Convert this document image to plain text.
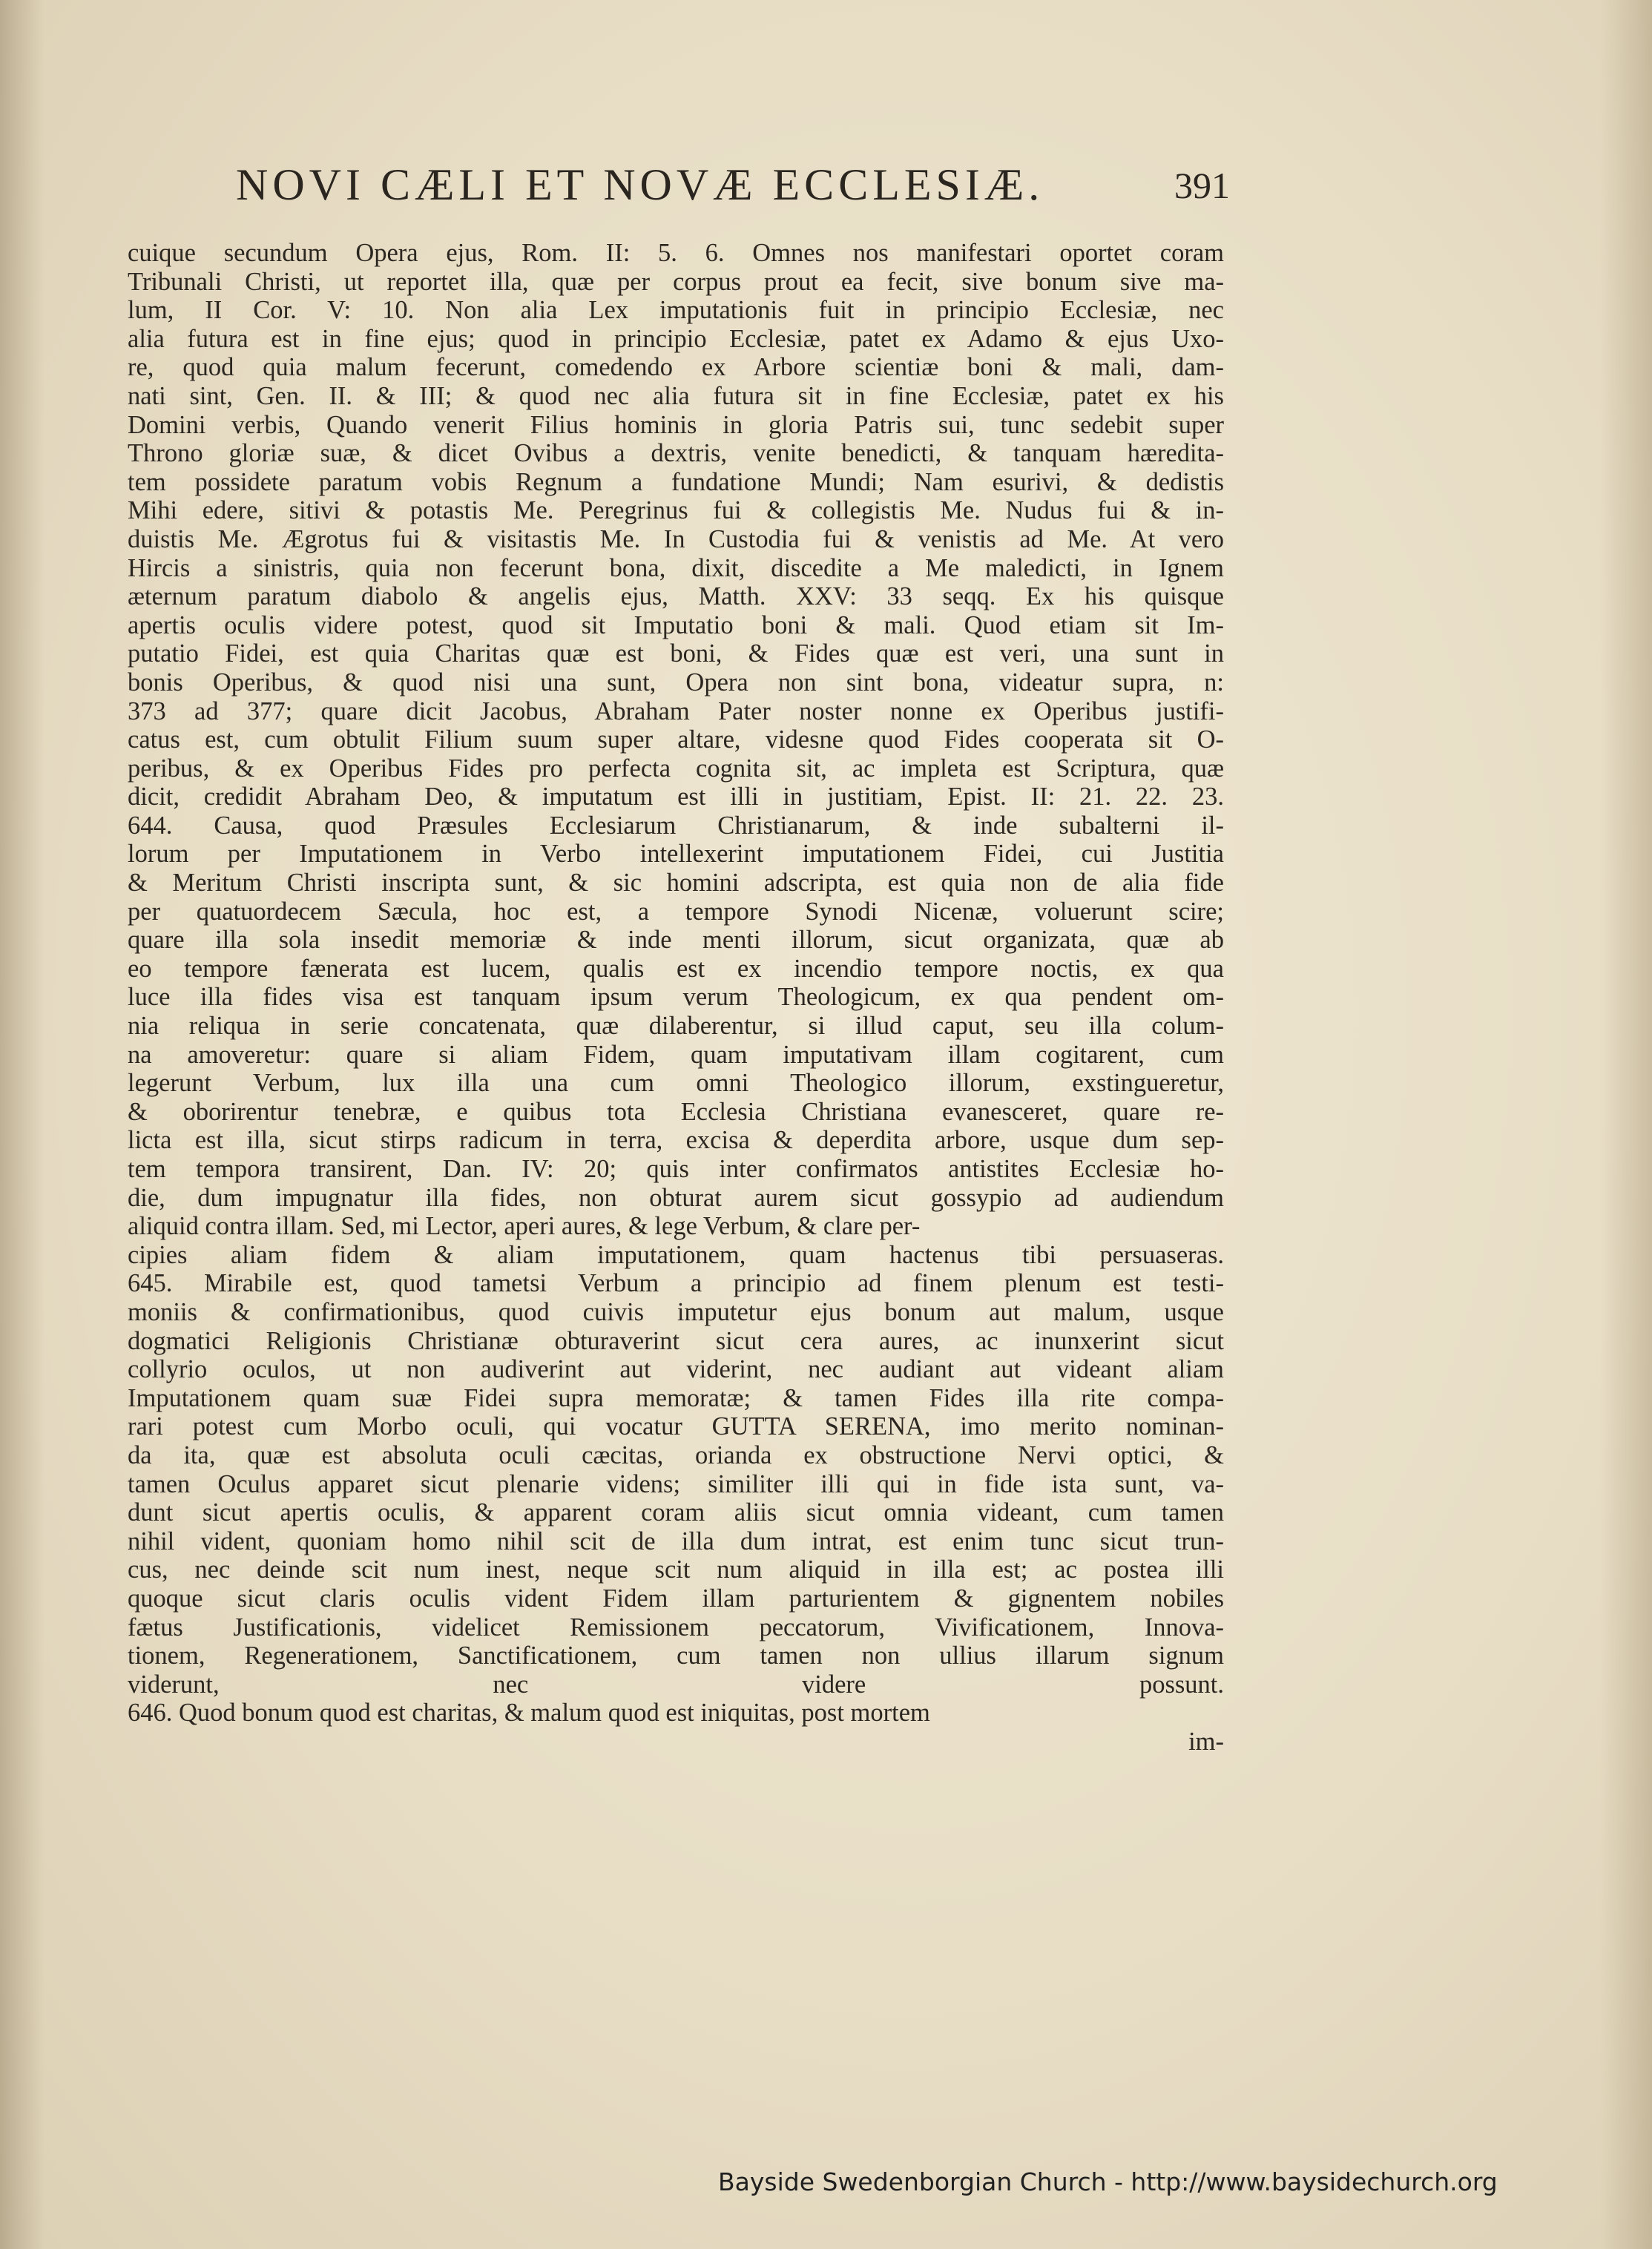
NOVI CÆLI ET NOVÆ ECCLESIÆ.	391
cuique secundum Opera ejus, Rom. II: 5. 6. Omnes nos manifestari oportet coram
Tribunali Christi, ut reportet illa, quæ per corpus prout ea fecit, sive bonum sive ma-
lum, II Cor. V: 10. Non alia Lex imputationis fuit in principio Ecclesiæ, nec
alia futura est in fine ejus; quod in principio Ecclesiæ, patet ex Adamo & ejus Uxo-
re, quod quia malum fecerunt, comedendo ex Arbore scientiæ boni & mali, dam-
nati sint, Gen. II. & III; & quod nec alia futura sit in fine Ecclesiæ, patet ex his
Domini verbis, Quando venerit Filius hominis in gloria Patris sui, tunc sedebit super
Throno gloriæ suæ, & dicet Ovibus a dextris, venite benedicti, & tanquam hæredita-
tem possidete paratum vobis Regnum a fundatione Mundi; Nam esurivi, & dedistis
Mihi edere, sitivi & potastis Me. Peregrinus fui & collegistis Me. Nudus fui & in-
duistis Me. Ægrotus fui & visitastis Me. In Custodia fui & venistis ad Me. At vero
Hircis a sinistris, quia non fecerunt bona, dixit, discedite a Me maledicti, in Ignem
æternum paratum diabolo & angelis ejus, Matth. XXV: 33 seqq. Ex his quisque
apertis oculis videre potest, quod sit Imputatio boni & mali. Quod etiam sit Im-
putatio Fidei, est quia Charitas quæ est boni, & Fides quæ est veri, una sunt in
bonis Operibus, & quod nisi una sunt, Opera non sint bona, videatur supra, n:
373 ad 377; quare dicit Jacobus, Abraham Pater noster nonne ex Operibus justifi-
catus est, cum obtulit Filium suum super altare, videsne quod Fides cooperata sit O-
peribus, & ex Operibus Fides pro perfecta cognita sit, ac impleta est Scriptura, quæ
dicit, credidit Abraham Deo, & imputatum est illi in justitiam, Epist. II: 21. 22. 23.
644. Causa, quod Præsules Ecclesiarum Christianarum, & inde subalterni il-
lorum per Imputationem in Verbo intellexerint imputationem Fidei, cui Justitia
& Meritum Christi inscripta sunt, & sic homini adscripta, est quia non de alia fide
per quatuordecem Sæcula, hoc est, a tempore Synodi Nicenæ, voluerunt scire;
quare illa sola insedit memoriæ & inde menti illorum, sicut organizata, quæ ab
eo tempore fænerata est lucem, qualis est ex incendio tempore noctis, ex qua
luce illa fides visa est tanquam ipsum verum Theologicum, ex qua pendent om-
nia reliqua in serie concatenata, quæ dilaberentur, si illud caput, seu illa colum-
na amoveretur: quare si aliam Fidem, quam imputativam illam cogitarent, cum
legerunt Verbum, lux illa una cum omni Theologico illorum, exstingueretur,
& oborirentur tenebræ, e quibus tota Ecclesia Christiana evanesceret, quare re-
licta est illa, sicut stirps radicum in terra, excisa & deperdita arbore, usque dum sep-
tem tempora transirent, Dan. IV: 20; quis inter confirmatos antistites Ecclesiæ ho-
die, dum impugnatur illa fides, non obturat aurem sicut gossypio ad audiendum
aliquid contra illam. Sed, mi Lector, aperi aures, & lege Verbum, & clare per-
cipies aliam fidem & aliam imputationem, quam hactenus tibi persuaseras.
645. Mirabile est, quod tametsi Verbum a principio ad finem plenum est testi-
moniis & confirmationibus, quod cuivis imputetur ejus bonum aut malum, usque
dogmatici Religionis Christianæ obturaverint sicut cera aures, ac inunxerint sicut
collyrio oculos, ut non audiverint aut viderint, nec audiant aut videant aliam
Imputationem quam suæ Fidei supra memoratæ; & tamen Fides illa rite compa-
rari potest cum Morbo oculi, qui vocatur GUTTA SERENA, imo merito nominan-
da ita, quæ est absoluta oculi cæcitas, orianda ex obstructione Nervi optici, &
tamen Oculus apparet sicut plenarie videns; similiter illi qui in fide ista sunt, va-
dunt sicut apertis oculis, & apparent coram aliis sicut omnia videant, cum tamen
nihil vident, quoniam homo nihil scit de illa dum intrat, est enim tunc sicut trun-
cus, nec deinde scit num inest, neque scit num aliquid in illa est; ac postea illi
quoque sicut claris oculis vident Fidem illam parturientem & gignentem nobiles
fætus Justificationis, videlicet Remissionem peccatorum, Vivificationem, Innova-
tionem, Regenerationem, Sanctificationem, cum tamen non ullius illarum signum
viderunt, nec videre possunt.
646. Quod bonum quod est charitas, & malum quod est iniquitas, post mortem
im-
Bayside Swedenborgian Church - http://www.baysidechurch.org
